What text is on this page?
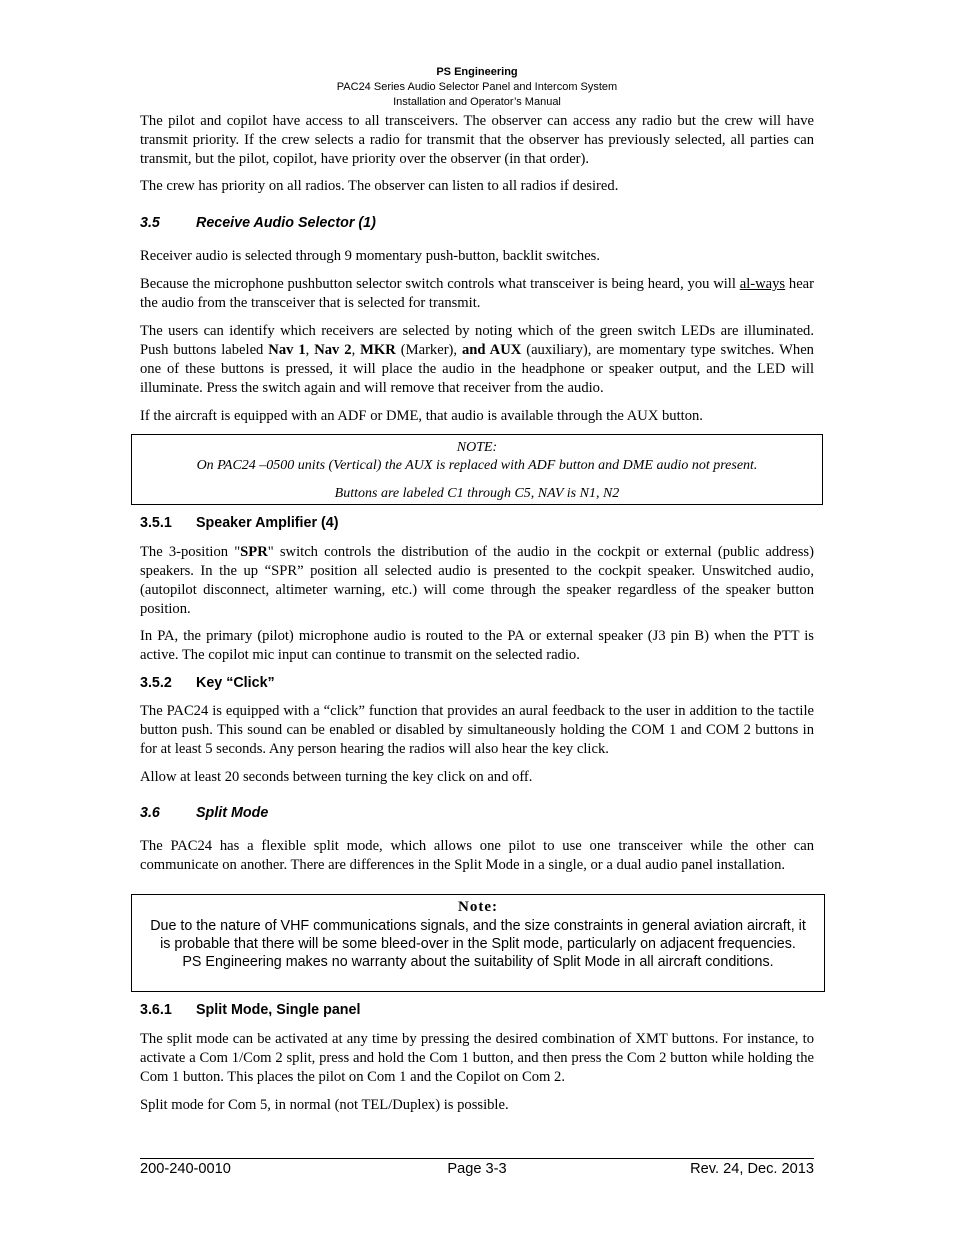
PS Engineering
PAC24 Series Audio Selector Panel and Intercom System
Installation and Operator’s Manual

The pilot and copilot have access to all transceivers. The observer can access any radio but the crew will have transmit priority. If the crew selects a radio for transmit that the observer has previously selected, all parties can transmit, but the pilot, copilot, have priority over the observer (in that order).

The crew has priority on all radios. The observer can listen to all radios if desired.

3.5	Receive Audio Selector (1)

Receiver audio is selected through 9 momentary push-button, backlit switches.

Because the microphone pushbutton selector switch controls what transceiver is being heard, you will al-ways hear the audio from the transceiver that is selected for transmit.

The users can identify which receivers are selected by noting which of the green switch LEDs are illuminated. Push buttons labeled Nav 1, Nav 2, MKR (Marker), and AUX (auxiliary), are momentary type switches. When one of these buttons is pressed, it will place the audio in the headphone or speaker output, and the LED will illuminate. Press the switch again and will remove that receiver from the audio.

If the aircraft is equipped with an ADF or DME, that audio is available through the AUX button.

NOTE:
On PAC24 –0500 units (Vertical) the AUX is replaced with ADF button and DME audio not present.
Buttons are labeled C1 through C5, NAV is N1, N2
3.5.1 Speaker Amplifier (4)

The 3-position "SPR" switch controls the distribution of the audio in the cockpit or external (public address) speakers. In the up “SPR” position all selected audio is presented to the cockpit speaker. Unswitched audio, (autopilot disconnect, altimeter warning, etc.) will come through the speaker regardless of the speaker button position.

In PA, the primary (pilot) microphone audio is routed to the PA or external speaker (J3 pin B) when the PTT is active. The copilot mic input can continue to transmit on the selected radio.

3.5.2 Key “Click”

The PAC24 is equipped with a “click” function that provides an aural feedback to the user in addition to the tactile button push. This sound can be enabled or disabled by simultaneously holding the COM 1 and COM 2 buttons in for at least 5 seconds. Any person hearing the radios will also hear the key click.

Allow at least 20 seconds between turning the key click on and off.

3.6	Split Mode

The PAC24 has a flexible split mode, which allows one pilot to use one transceiver while the other can communicate on another. There are differences in the Split Mode in a single, or a dual audio panel installation.

Note:
Due to the nature of VHF communications signals, and the size constraints in general aviation aircraft, it is probable that there will be some bleed-over in the Split mode, particularly on adjacent frequencies.
PS Engineering makes no warranty about the suitability of Split Mode in all aircraft conditions.
3.6.1 Split Mode, Single panel

The split mode can be activated at any time by pressing the desired combination of XMT buttons. For instance, to activate a Com 1/Com 2 split, press and hold the Com 1 button, and then press the Com 2 button while holding the Com 1 button. This places the pilot on Com 1 and the Copilot on Com 2.

Split mode for Com 5, in normal (not TEL/Duplex) is possible.

200-240-0010	Page 3-3	Rev. 24, Dec. 2013
